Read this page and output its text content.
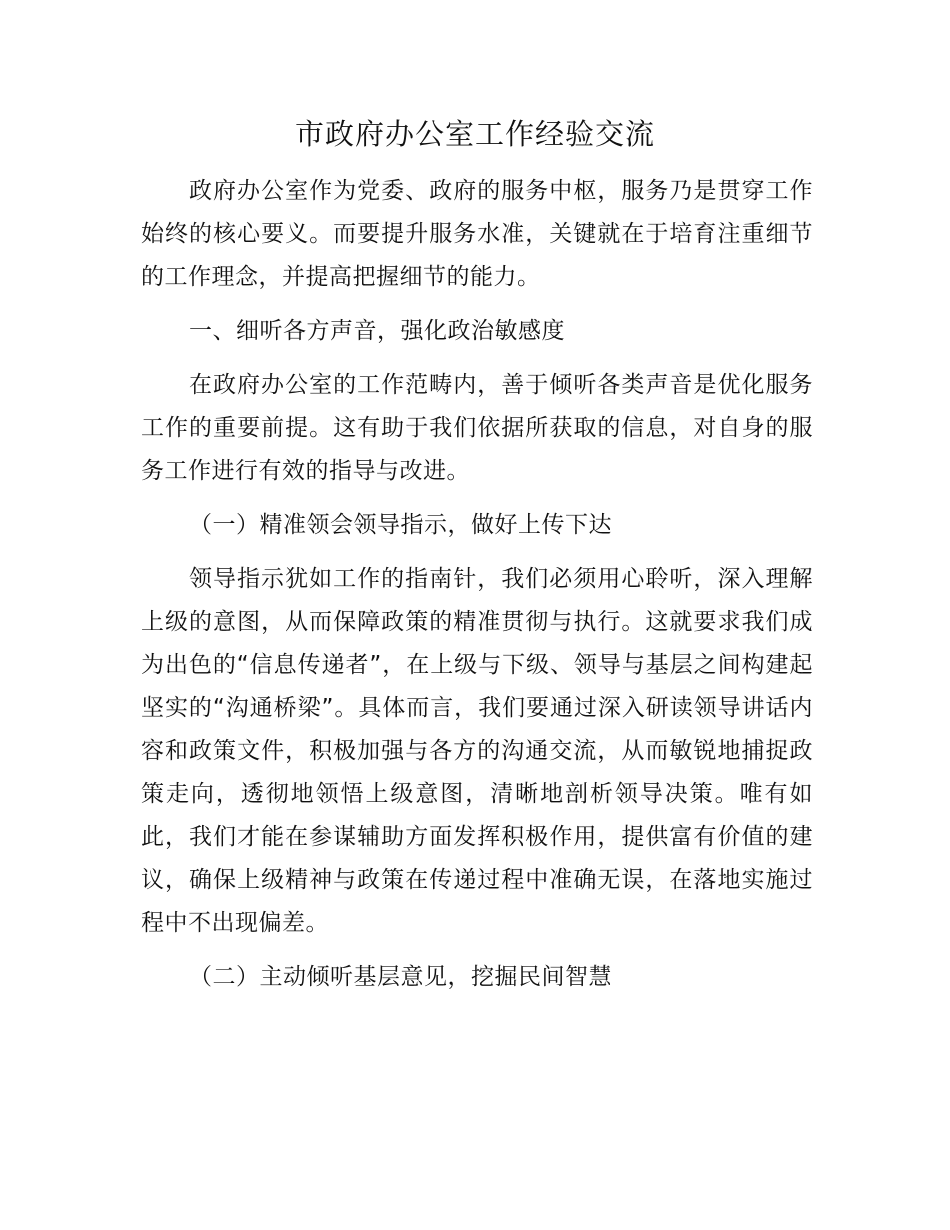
市政府办公室工作经验交流

政府办公室作为党委、政府的服务中枢，服务乃是贯穿工作始终的核心要义。而要提升服务水准，关键就在于培育注重细节的工作理念，并提高把握细节的能力。

一、细听各方声音，强化政治敏感度

在政府办公室的工作范畴内，善于倾听各类声音是优化服务工作的重要前提。这有助于我们依据所获取的信息，对自身的服务工作进行有效的指导与改进。

（一）精准领会领导指示，做好上传下达

领导指示犹如工作的指南针，我们必须用心聆听，深入理解上级的意图，从而保障政策的精准贯彻与执行。这就要求我们成为出色的“信息传递者”，在上级与下级、领导与基层之间构建起坚实的“沟通桥梁”。具体而言，我们要通过深入研读领导讲话内容和政策文件，积极加强与各方的沟通交流，从而敏锐地捕捉政策走向，透彻地领悟上级意图，清晰地剖析领导决策。唯有如此，我们才能在参谋辅助方面发挥积极作用，提供富有价值的建议，确保上级精神与政策在传递过程中准确无误，在落地实施过程中不出现偏差。

（二）主动倾听基层意见，挖掘民间智慧
